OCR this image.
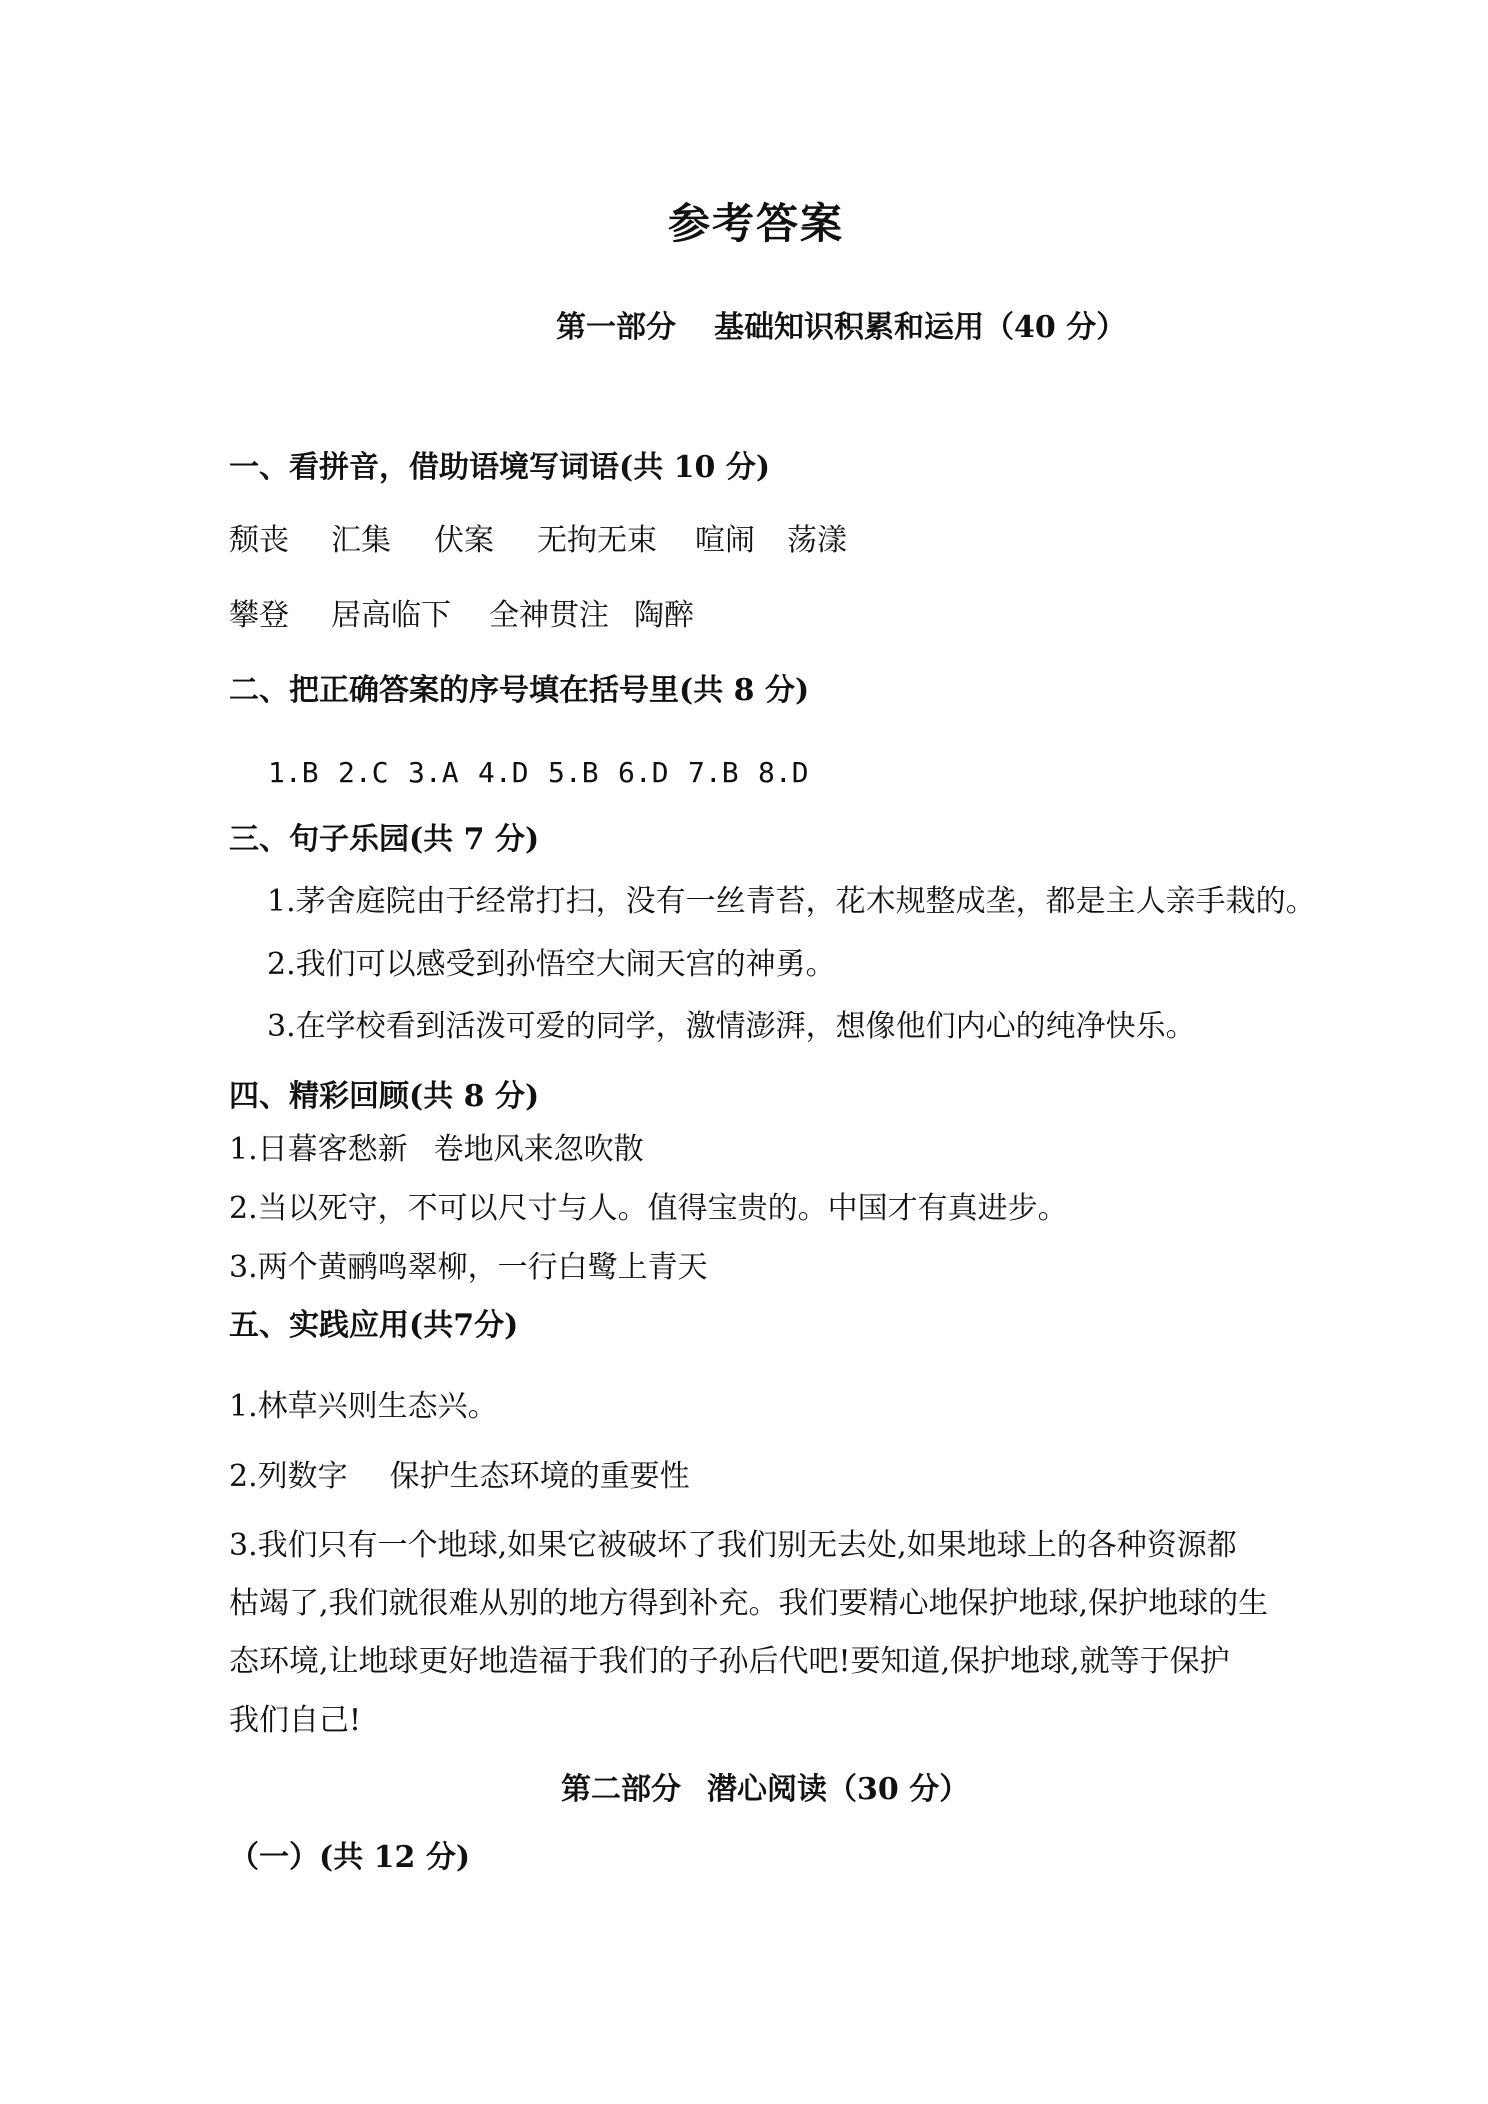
参考答案
第一部分 基础知识积累和运用（40 分）
一、看拼音，借助语境写词语(共 10 分)
颓丧 汇集 伏案 无拘无束 喧闹 荡漾
攀登 居高临下 全神贯注 陶醉
二、把正确答案的序号填在括号里(共 8 分)
1.B 2.C 3.A 4.D 5.B 6.D 7.B 8.D
三、句子乐园(共 7 分)
1.茅舍庭院由于经常打扫，没有一丝青苔，花木规整成垄，都是主人亲手栽的。
2.我们可以感受到孙悟空大闹天宫的神勇。
3.在学校看到活泼可爱的同学，激情澎湃，想像他们内心的纯净快乐。
四、精彩回顾(共 8 分)
1.日暮客愁新 卷地风来忽吹散
2.当以死守，不可以尺寸与人。值得宝贵的。中国才有真进步。
3.两个黄鹂鸣翠柳，一行白鹭上青天
五、实践应用(共7分)
1.林草兴则生态兴。
2.列数字 保护生态环境的重要性
3.我们只有一个地球,如果它被破坏了我们别无去处,如果地球上的各种资源都
枯竭了,我们就很难从别的地方得到补充。我们要精心地保护地球,保护地球的生
态环境,让地球更好地造福于我们的子孙后代吧!要知道,保护地球,就等于保护
我们自己!
第二部分 潜心阅读（30 分）
（一）(共 12 分)
